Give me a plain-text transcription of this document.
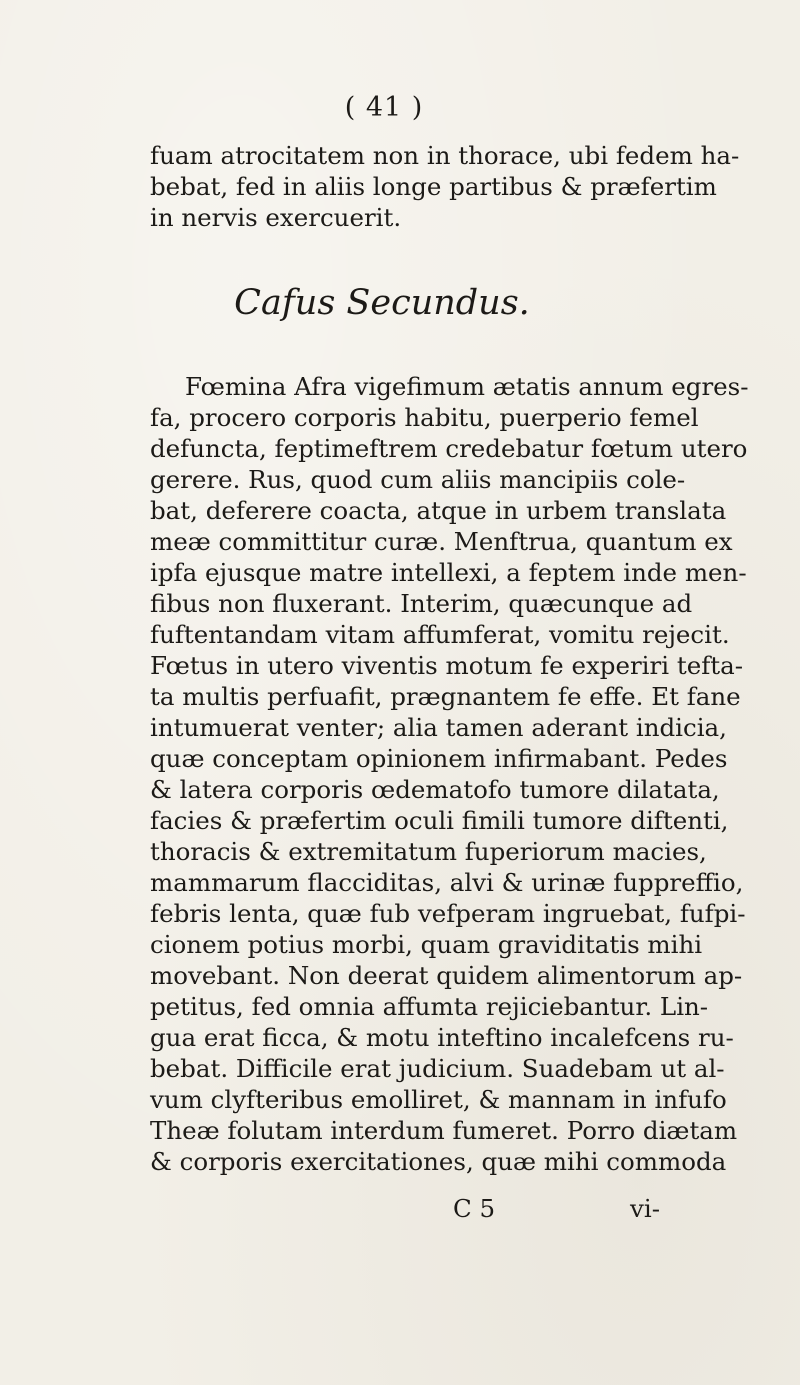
( 41 )
fuam atrocitatem non in thorace, ubi fedem ha-
bebat, fed in aliis longe partibus & præfertim
in nervis exercuerit.
Cafus Secundus.
Fœmina Afra vigefimum ætatis annum egres-
fa, procero corporis habitu, puerperio femel
defuncta, feptimeftrem credebatur fœtum utero
gerere. Rus, quod cum aliis mancipiis cole-
bat, deferere coacta, atque in urbem translata
meæ committitur curæ. Menftrua, quantum ex
ipfa ejusque matre intellexi, a feptem inde men-
fibus non fluxerant. Interim, quæcunque ad
fuftentandam vitam affumferat, vomitu rejecit.
Fœtus in utero viventis motum fe experiri tefta-
ta multis perfuafit, prægnantem fe effe. Et fane
intumuerat venter; alia tamen aderant indicia,
quæ conceptam opinionem infirmabant. Pedes
& latera corporis œdematofo tumore dilatata,
facies & præfertim oculi fimili tumore diftenti,
thoracis & extremitatum fuperiorum macies,
mammarum flacciditas, alvi & urinæ fuppreffio,
febris lenta, quæ fub vefperam ingruebat, fufpi-
cionem potius morbi, quam graviditatis mihi
movebant. Non deerat quidem alimentorum ap-
petitus, fed omnia affumta rejiciebantur. Lin-
gua erat ficca, & motu inteftino incalefcens ru-
bebat. Difficile erat judicium. Suadebam ut al-
vum clyfteribus emolliret, & mannam in infufo
Theæ folutam interdum fumeret. Porro diætam
& corporis exercitationes, quæ mihi commoda
C 5	vi-
